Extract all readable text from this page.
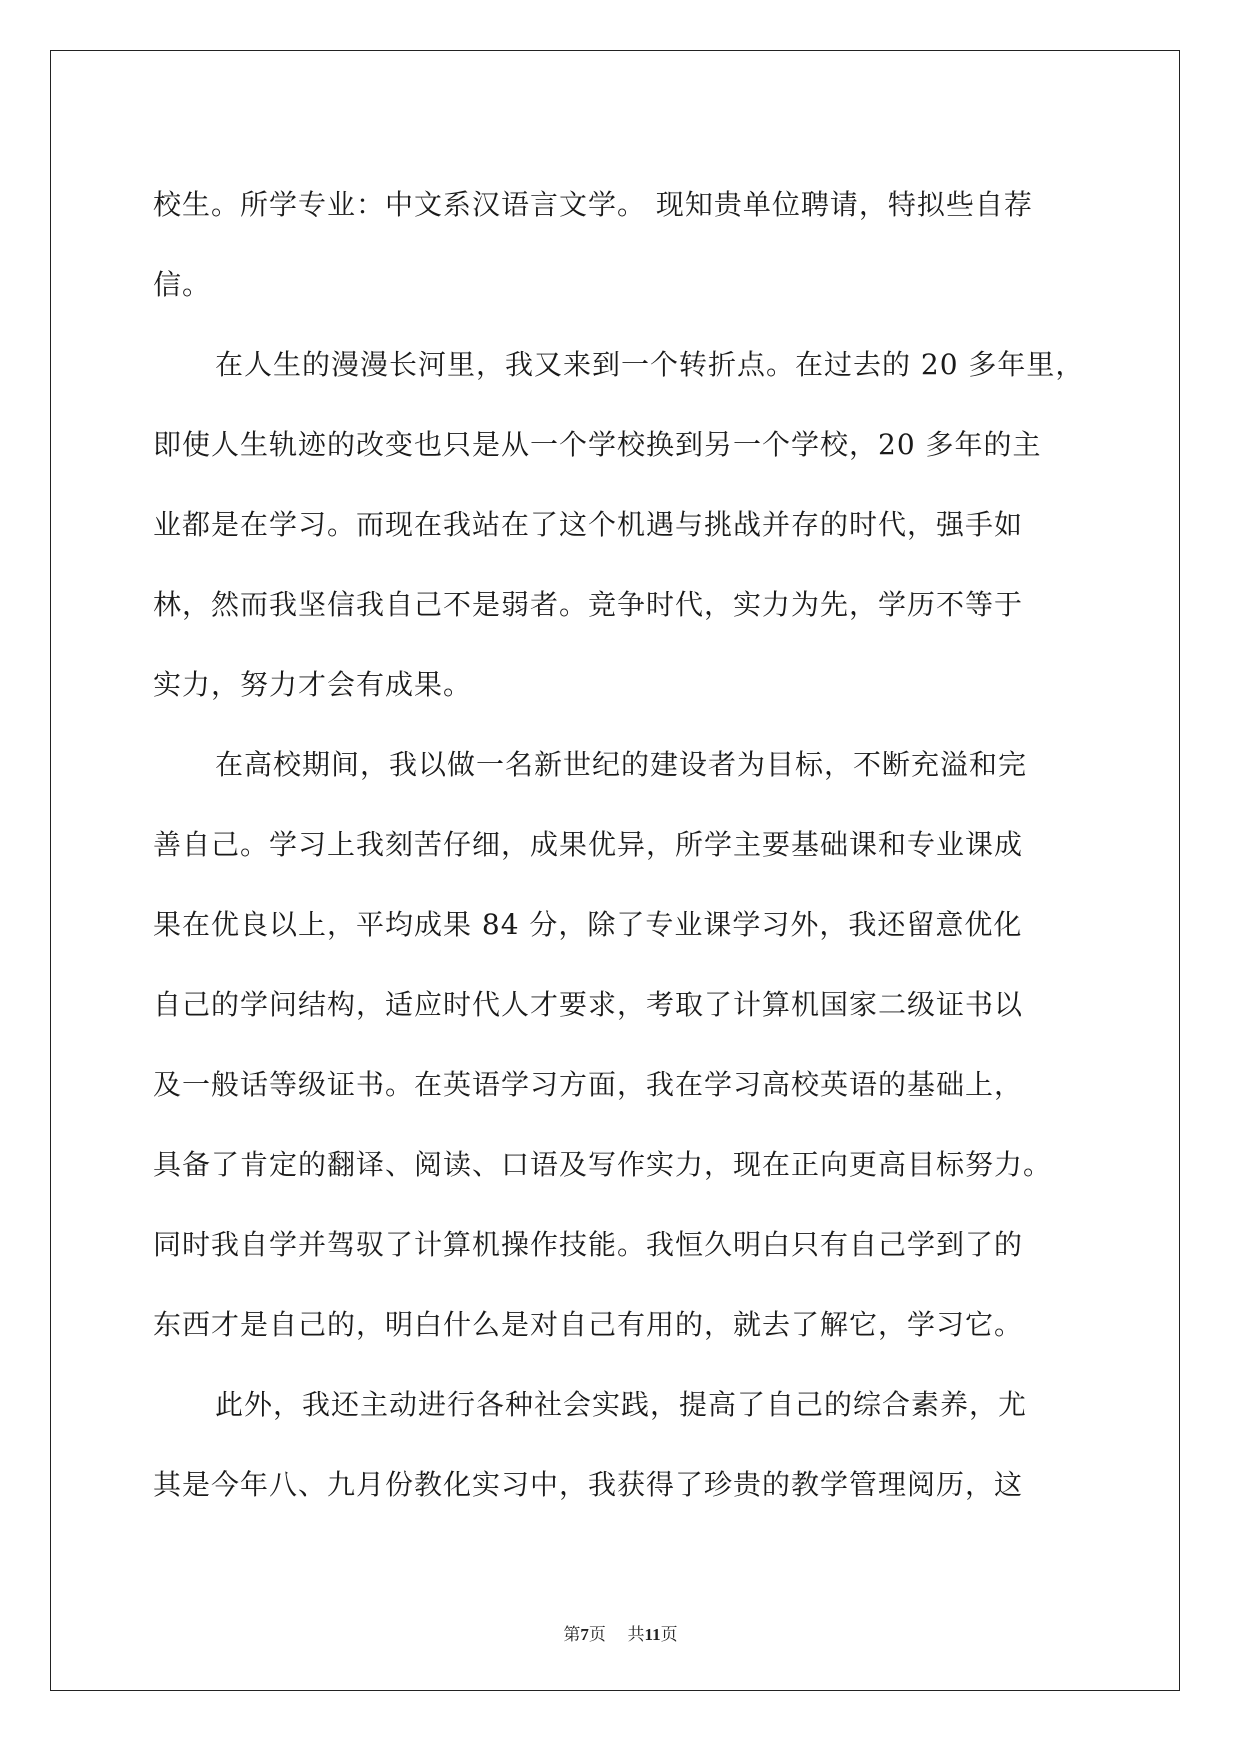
校生。所学专业：中文系汉语言文学。 现知贵单位聘请，特拟些自荐
信。
在人生的漫漫长河里，我又来到一个转折点。在过去的 20 多年里，
即使人生轨迹的改变也只是从一个学校换到另一个学校，20 多年的主
业都是在学习。而现在我站在了这个机遇与挑战并存的时代，强手如
林，然而我坚信我自己不是弱者。竞争时代，实力为先，学历不等于
实力，努力才会有成果。
在高校期间，我以做一名新世纪的建设者为目标，不断充溢和完
善自己。学习上我刻苦仔细，成果优异，所学主要基础课和专业课成
果在优良以上，平均成果 84 分，除了专业课学习外，我还留意优化
自己的学问结构，适应时代人才要求，考取了计算机国家二级证书以
及一般话等级证书。在英语学习方面，我在学习高校英语的基础上，
具备了肯定的翻译、阅读、口语及写作实力，现在正向更高目标努力。
同时我自学并驾驭了计算机操作技能。我恒久明白只有自己学到了的
东西才是自己的，明白什么是对自己有用的，就去了解它，学习它。
此外，我还主动进行各种社会实践，提高了自己的综合素养，尤
其是今年八、九月份教化实习中，我获得了珍贵的教学管理阅历，这
第7页 共11页
